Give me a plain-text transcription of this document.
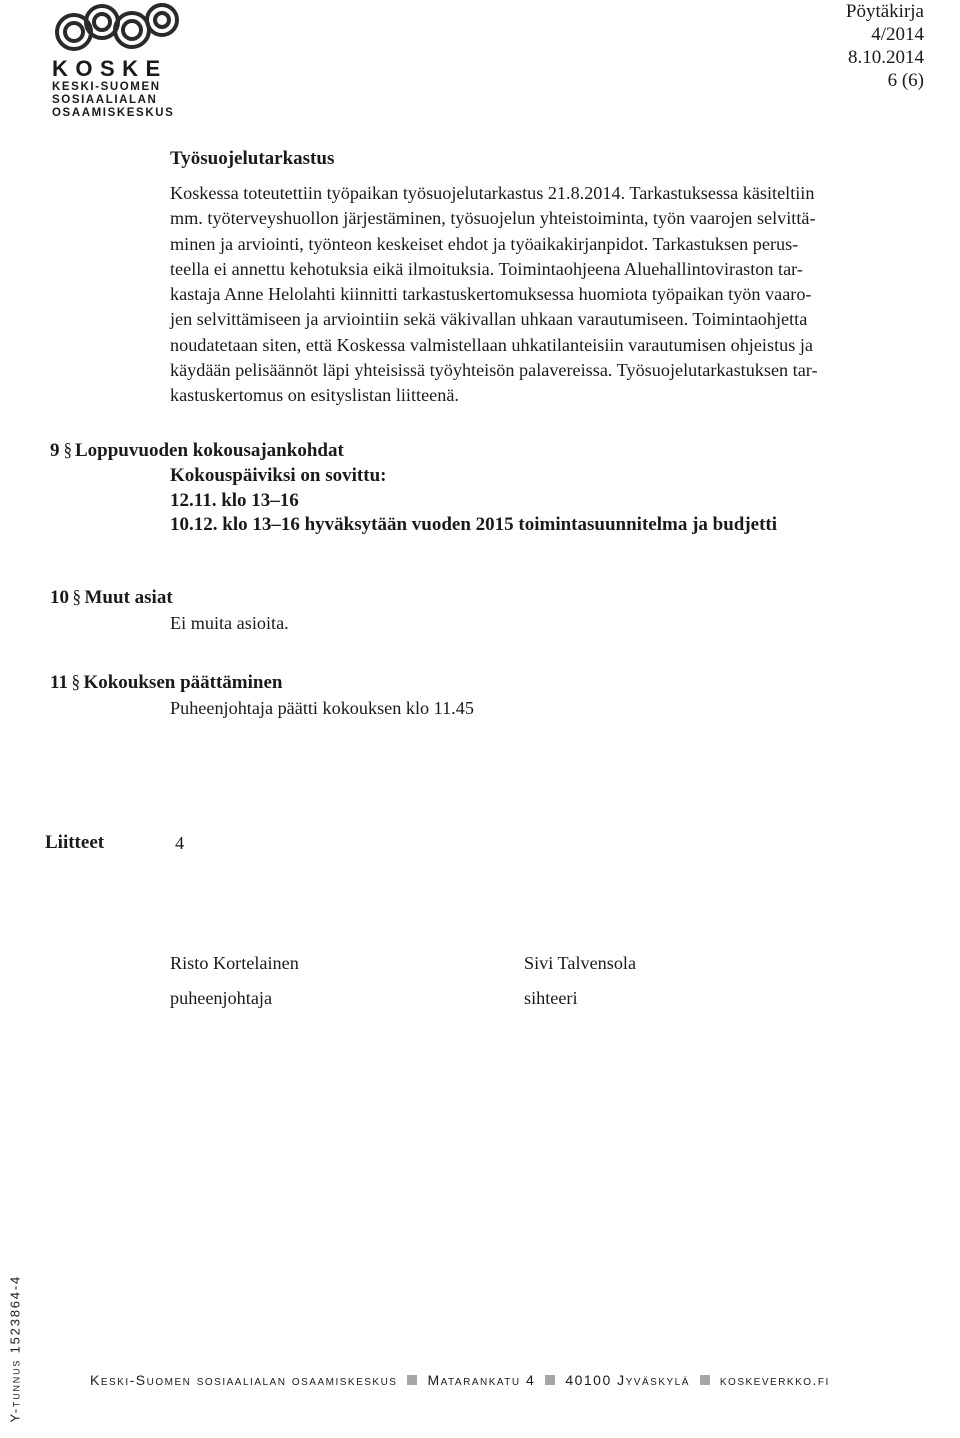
KOSKE
KESKI-SUOMEN
SOSIAALIALAN
OSAAMISKESKUS
Pöytäkirja
4/2014
8.10.2014
6 (6)
Työsuojelutarkastus
Koskessa toteutettiin työpaikan työsuojelutarkastus 21.8.2014. Tarkastuksessa käsiteltiin
mm. työterveyshuollon järjestäminen, työsuojelun yhteistoiminta, työn vaarojen selvittä-
minen ja arviointi, työnteon keskeiset ehdot ja työaikakirjanpidot. Tarkastuksen perus-
teella ei annettu kehotuksia eikä ilmoituksia. Toimintaohjeena Aluehallintoviraston tar-
kastaja Anne Helolahti kiinnitti tarkastuskertomuksessa huomiota työpaikan työn vaaro-
jen selvittämiseen ja arviointiin sekä väkivallan uhkaan varautumiseen. Toimintaohjetta
noudatetaan siten, että Koskessa valmistellaan uhkatilanteisiin varautumisen ohjeistus ja
käydään pelisäännöt läpi yhteisissä työyhteisön palavereissa. Työsuojelutarkastuksen tar-
kastuskertomus on esityslistan liitteenä.
9 § Loppuvuoden kokousajankohdat
Kokouspäiviksi on sovittu:
12.11. klo 13–16
10.12. klo 13–16 hyväksytään vuoden 2015 toimintasuunnitelma ja budjetti
10 § Muut asiat
Ei muita asioita.
11 § Kokouksen päättäminen
Puheenjohtaja päätti kokouksen klo 11.45
Liitteet	4
Risto Kortelainen
puheenjohtaja
Sivi Talvensola
sihteeri
Keski-Suomen sosiaalialan osaamiskeskus Matarankatu 4 40100 Jyväskylä koskeverkko.fi
Y-tunnus 1523864-4
